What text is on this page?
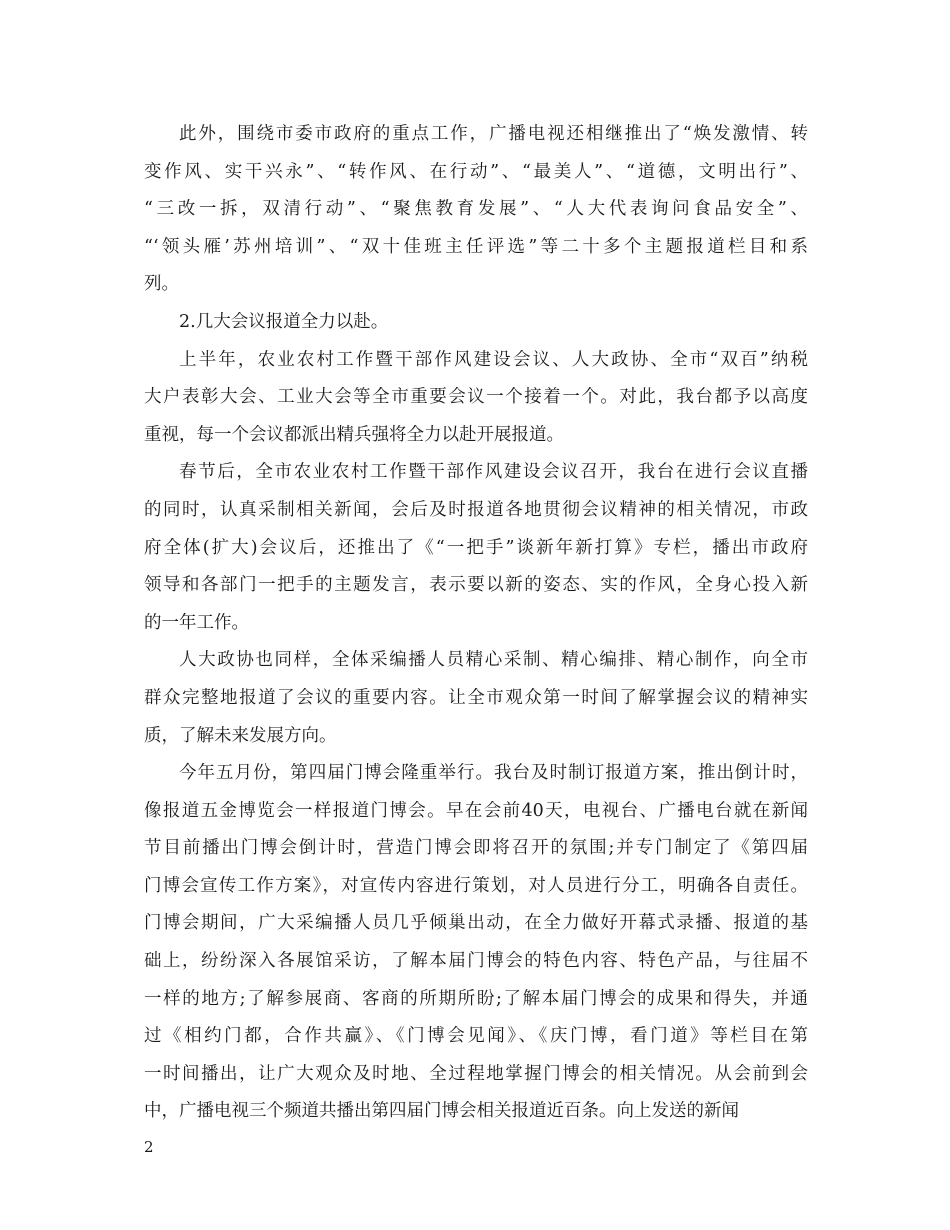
此外，围绕市委市政府的重点工作，广播电视还相继推出了“焕发激情、转
变作风、实干兴永”、“转作风、在行动”、“最美人”、“道德，文明出行”、
“三改一拆，双清行动”、“聚焦教育发展”、“人大代表询问食品安全”、
“‘领头雁’苏州培训”、“双十佳班主任评选”等二十多个主题报道栏目和系
列。
2.几大会议报道全力以赴。
上半年，农业农村工作暨干部作风建设会议、人大政协、全市“双百”纳税
大户表彰大会、工业大会等全市重要会议一个接着一个。对此，我台都予以高度
重视，每一个会议都派出精兵强将全力以赴开展报道。
春节后，全市农业农村工作暨干部作风建设会议召开，我台在进行会议直播
的同时，认真采制相关新闻，会后及时报道各地贯彻会议精神的相关情况，市政
府全体(扩大)会议后，还推出了《“一把手”谈新年新打算》专栏，播出市政府
领导和各部门一把手的主题发言，表示要以新的姿态、实的作风，全身心投入新
的一年工作。
人大政协也同样，全体采编播人员精心采制、精心编排、精心制作，向全市
群众完整地报道了会议的重要内容。让全市观众第一时间了解掌握会议的精神实
质，了解未来发展方向。
今年五月份，第四届门博会隆重举行。我台及时制订报道方案，推出倒计时，
像报道五金博览会一样报道门博会。早在会前40天，电视台、广播电台就在新闻
节目前播出门博会倒计时，营造门博会即将召开的氛围;并专门制定了《第四届
门博会宣传工作方案》，对宣传内容进行策划，对人员进行分工，明确各自责任。
门博会期间，广大采编播人员几乎倾巢出动，在全力做好开幕式录播、报道的基
础上，纷纷深入各展馆采访，了解本届门博会的特色内容、特色产品，与往届不
一样的地方;了解参展商、客商的所期所盼;了解本届门博会的成果和得失，并通
过《相约门都，合作共赢》、《门博会见闻》、《庆门博，看门道》等栏目在第
一时间播出，让广大观众及时地、全过程地掌握门博会的相关情况。从会前到会
中，广播电视三个频道共播出第四届门博会相关报道近百条。向上发送的新闻
2
